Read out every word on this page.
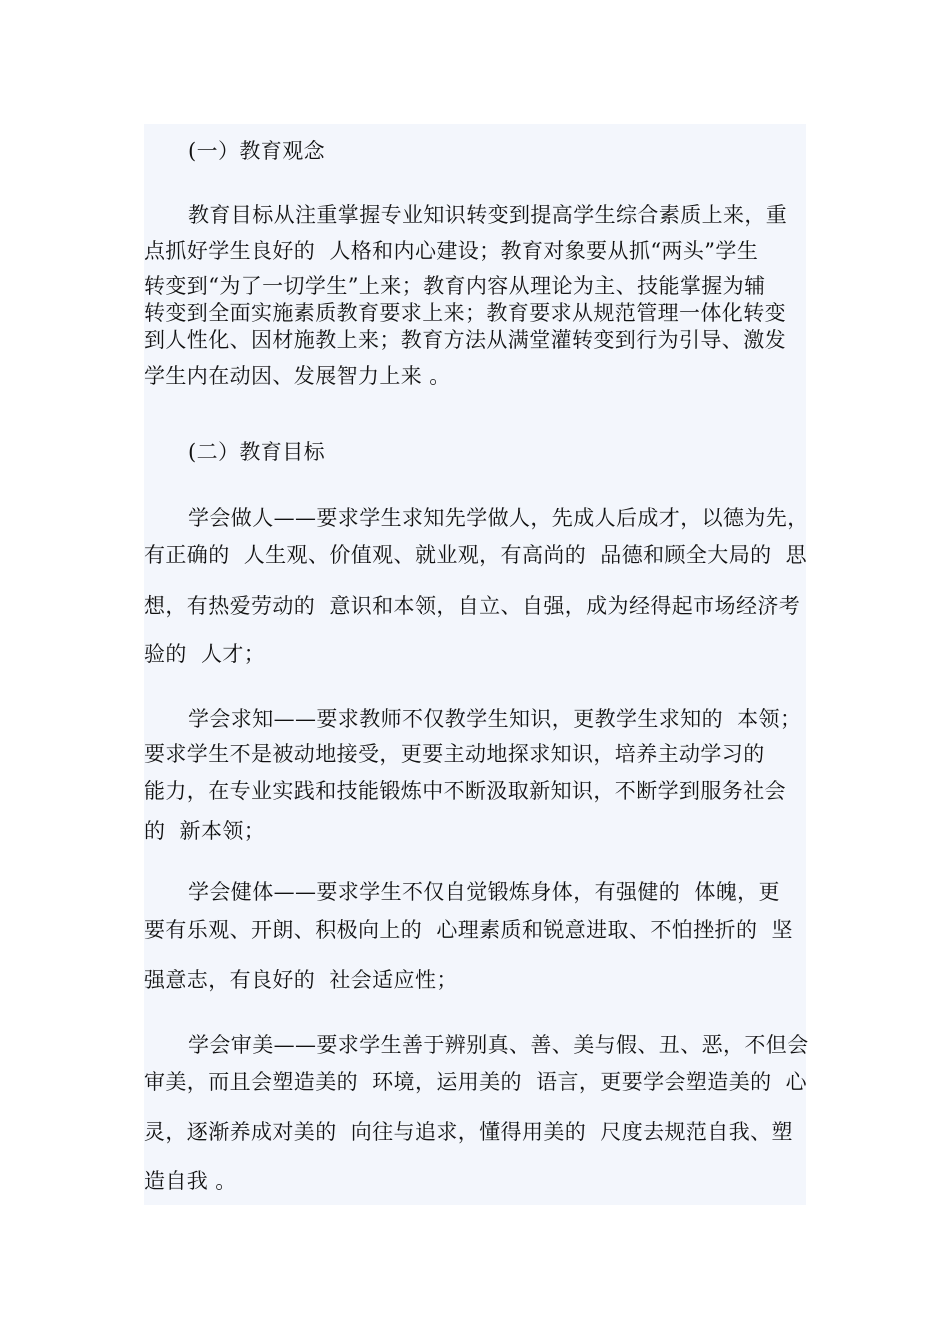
(一）教育观念
教育目标从注重掌握专业知识转变到提高学生综合素质上来，重
点抓好学生良好的  人格和内心建设；教育对象要从抓“两头”学生
转变到“为了一切学生”上来；教育内容从理论为主、技能掌握为辅
转变到全面实施素质教育要求上来；教育要求从规范管理一体化转变
到人性化、因材施教上来；教育方法从满堂灌转变到行为引导、激发
学生内在动因、发展智力上来 。
(二）教育目标
学会做人——要求学生求知先学做人，先成人后成才，以德为先，
有正确的  人生观、价值观、就业观，有高尚的  品德和顾全大局的  思
想，有热爱劳动的  意识和本领，自立、自强，成为经得起市场经济考
验的  人才；
学会求知——要求教师不仅教学生知识，更教学生求知的  本领；
要求学生不是被动地接受，更要主动地探求知识，培养主动学习的
能力，在专业实践和技能锻炼中不断汲取新知识，不断学到服务社会
的  新本领；
学会健体——要求学生不仅自觉锻炼身体，有强健的  体魄，更
要有乐观、开朗、积极向上的  心理素质和锐意进取、不怕挫折的  坚
强意志，有良好的  社会适应性；
学会审美——要求学生善于辨别真、善、美与假、丑、恶，不但会
审美，而且会塑造美的  环境，运用美的  语言，更要学会塑造美的  心
灵，逐渐养成对美的  向往与追求，懂得用美的  尺度去规范自我、塑
造自我 。
